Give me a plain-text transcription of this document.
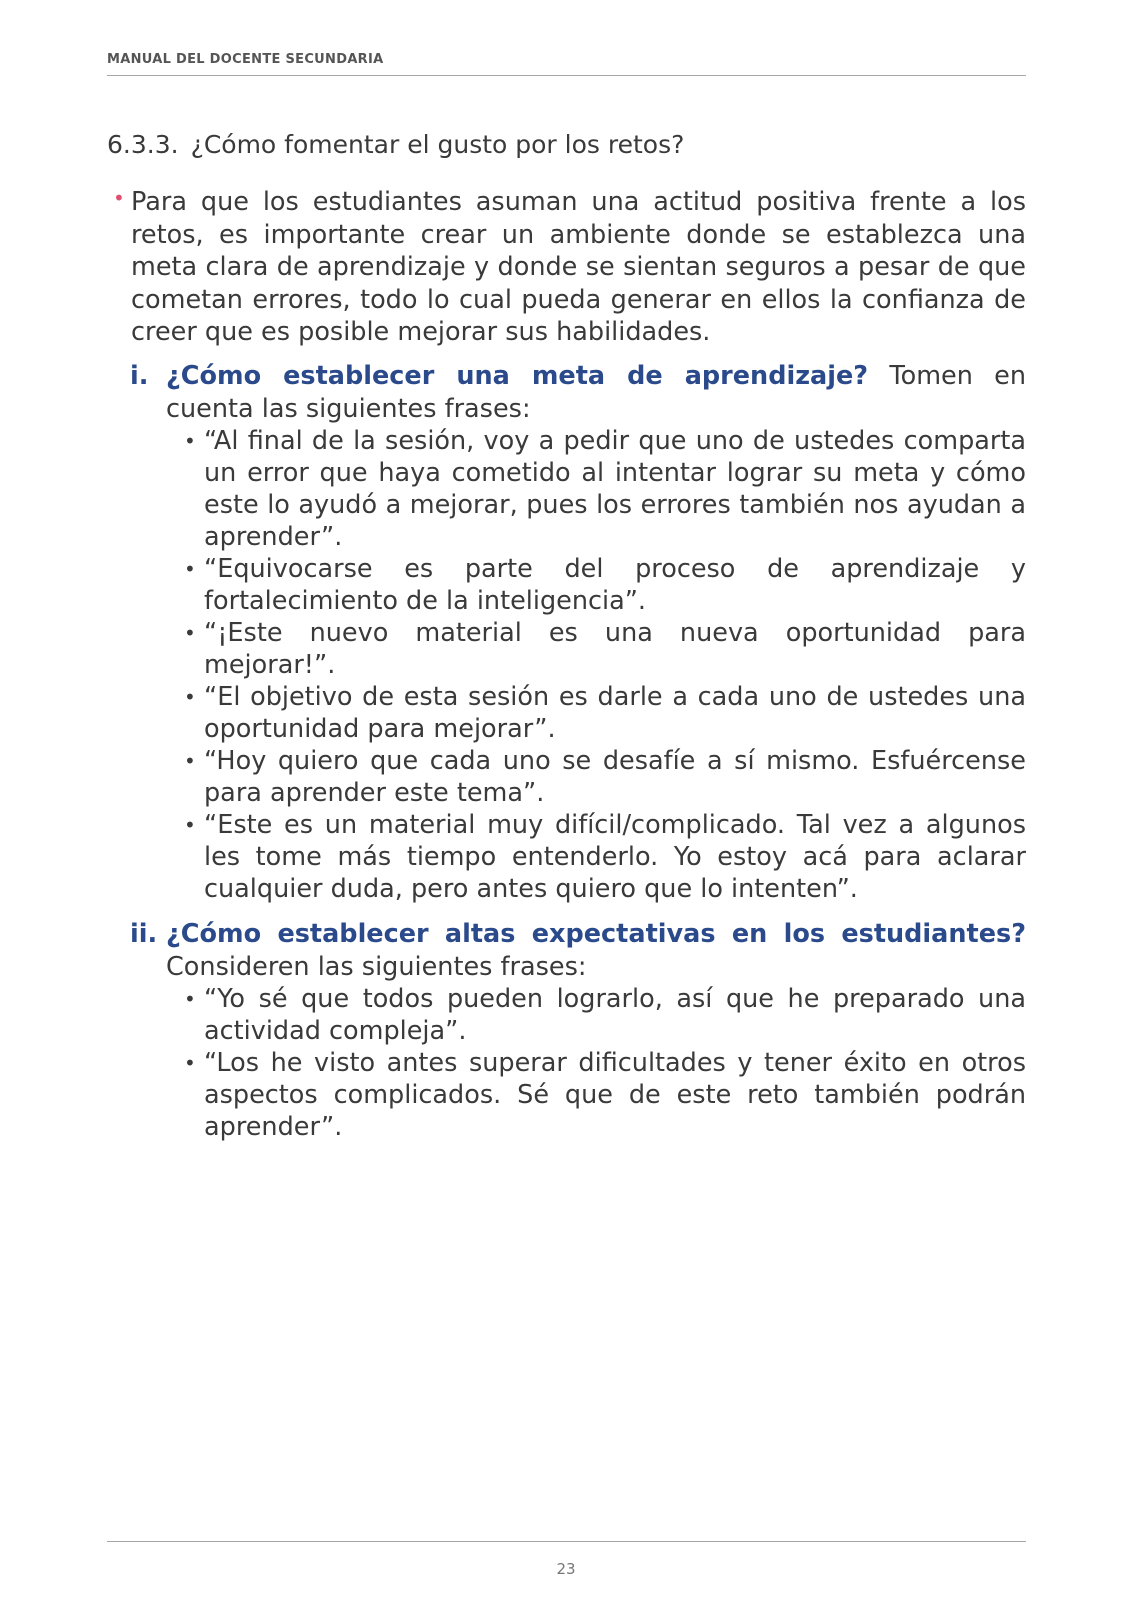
MANUAL DEL DOCENTE SECUNDARIA
6.3.3. ¿Cómo fomentar el gusto por los retos?
• Para que los estudiantes asuman una actitud positiva frente a los retos, es importante crear un ambiente donde se establezca una meta clara de aprendizaje y donde se sientan seguros a pesar de que cometan errores, todo lo cual pueda generar en ellos la confianza de creer que es posible mejorar sus habilidades.

i. ¿Cómo establecer una meta de aprendizaje? Tomen en cuenta las siguientes frases:

• “Al final de la sesión, voy a pedir que uno de ustedes comparta un error que haya cometido al intentar lograr su meta y cómo este lo ayudó a mejorar, pues los errores también nos ayudan a aprender”.
• “Equivocarse es parte del proceso de aprendizaje y fortalecimiento de la inteligencia”.
• “¡Este nuevo material es una nueva oportunidad para mejorar!”.
• “El objetivo de esta sesión es darle a cada uno de ustedes una oportunidad para mejorar”.
• “Hoy quiero que cada uno se desafíe a sí mismo. Esfuércense para aprender este tema”.
• “Este es un material muy difícil/complicado. Tal vez a algunos les tome más tiempo entenderlo. Yo estoy acá para aclarar cualquier duda, pero antes quiero que lo intenten”.
ii. ¿Cómo establecer altas expectativas en los estudiantes? Consideren las siguientes frases:

• “Yo sé que todos pueden lograrlo, así que he preparado una actividad compleja”.
• “Los he visto antes superar dificultades y tener éxito en otros aspectos complicados. Sé que de este reto también podrán aprender”.
23
